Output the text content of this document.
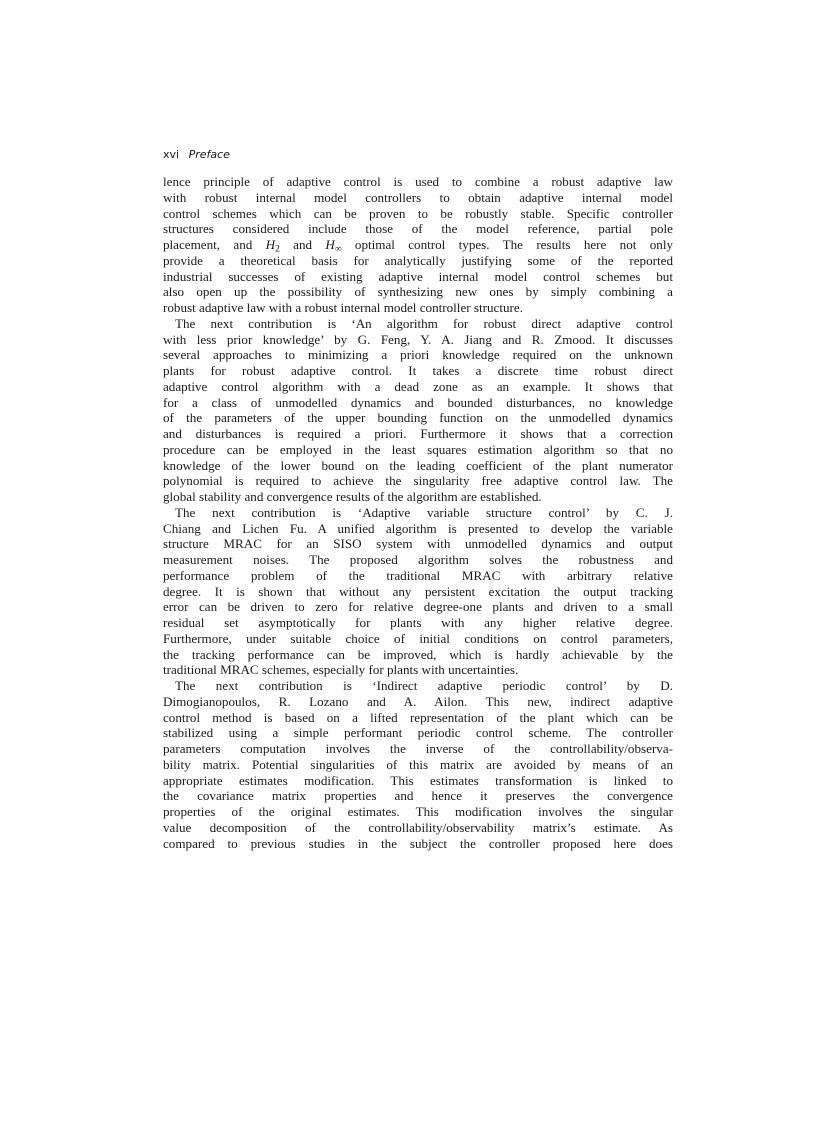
xvi Preface
lence principle of adaptive control is used to combine a robust adaptive law
with robust internal model controllers to obtain adaptive internal model
control schemes which can be proven to be robustly stable. Specific controller
structures considered include those of the model reference, partial pole
placement, and $H_2$ and $H_\infty$ optimal control types. The results here not only
provide a theoretical basis for analytically justifying some of the reported
industrial successes of existing adaptive internal model control schemes but
also open up the possibility of synthesizing new ones by simply combining a
robust adaptive law with a robust internal model controller structure.
The next contribution is ‘An algorithm for robust direct adaptive control
with less prior knowledge’ by G. Feng, Y. A. Jiang and R. Zmood. It discusses
several approaches to minimizing a priori knowledge required on the unknown
plants for robust adaptive control. It takes a discrete time robust direct
adaptive control algorithm with a dead zone as an example. It shows that
for a class of unmodelled dynamics and bounded disturbances, no knowledge
of the parameters of the upper bounding function on the unmodelled dynamics
and disturbances is required a priori. Furthermore it shows that a correction
procedure can be employed in the least squares estimation algorithm so that no
knowledge of the lower bound on the leading coefficient of the plant numerator
polynomial is required to achieve the singularity free adaptive control law. The
global stability and convergence results of the algorithm are established.
The next contribution is ‘Adaptive variable structure control’ by C. J.
Chiang and Lichen Fu. A unified algorithm is presented to develop the variable
structure MRAC for an SISO system with unmodelled dynamics and output
measurement noises. The proposed algorithm solves the robustness and
performance problem of the traditional MRAC with arbitrary relative
degree. It is shown that without any persistent excitation the output tracking
error can be driven to zero for relative degree-one plants and driven to a small
residual set asymptotically for plants with any higher relative degree.
Furthermore, under suitable choice of initial conditions on control parameters,
the tracking performance can be improved, which is hardly achievable by the
traditional MRAC schemes, especially for plants with uncertainties.
The next contribution is ‘Indirect adaptive periodic control’ by D.
Dimogianopoulos, R. Lozano and A. Ailon. This new, indirect adaptive
control method is based on a lifted representation of the plant which can be
stabilized using a simple performant periodic control scheme. The controller
parameters computation involves the inverse of the controllability/observa-
bility matrix. Potential singularities of this matrix are avoided by means of an
appropriate estimates modification. This estimates transformation is linked to
the covariance matrix properties and hence it preserves the convergence
properties of the original estimates. This modification involves the singular
value decomposition of the controllability/observability matrix’s estimate. As
compared to previous studies in the subject the controller proposed here does
